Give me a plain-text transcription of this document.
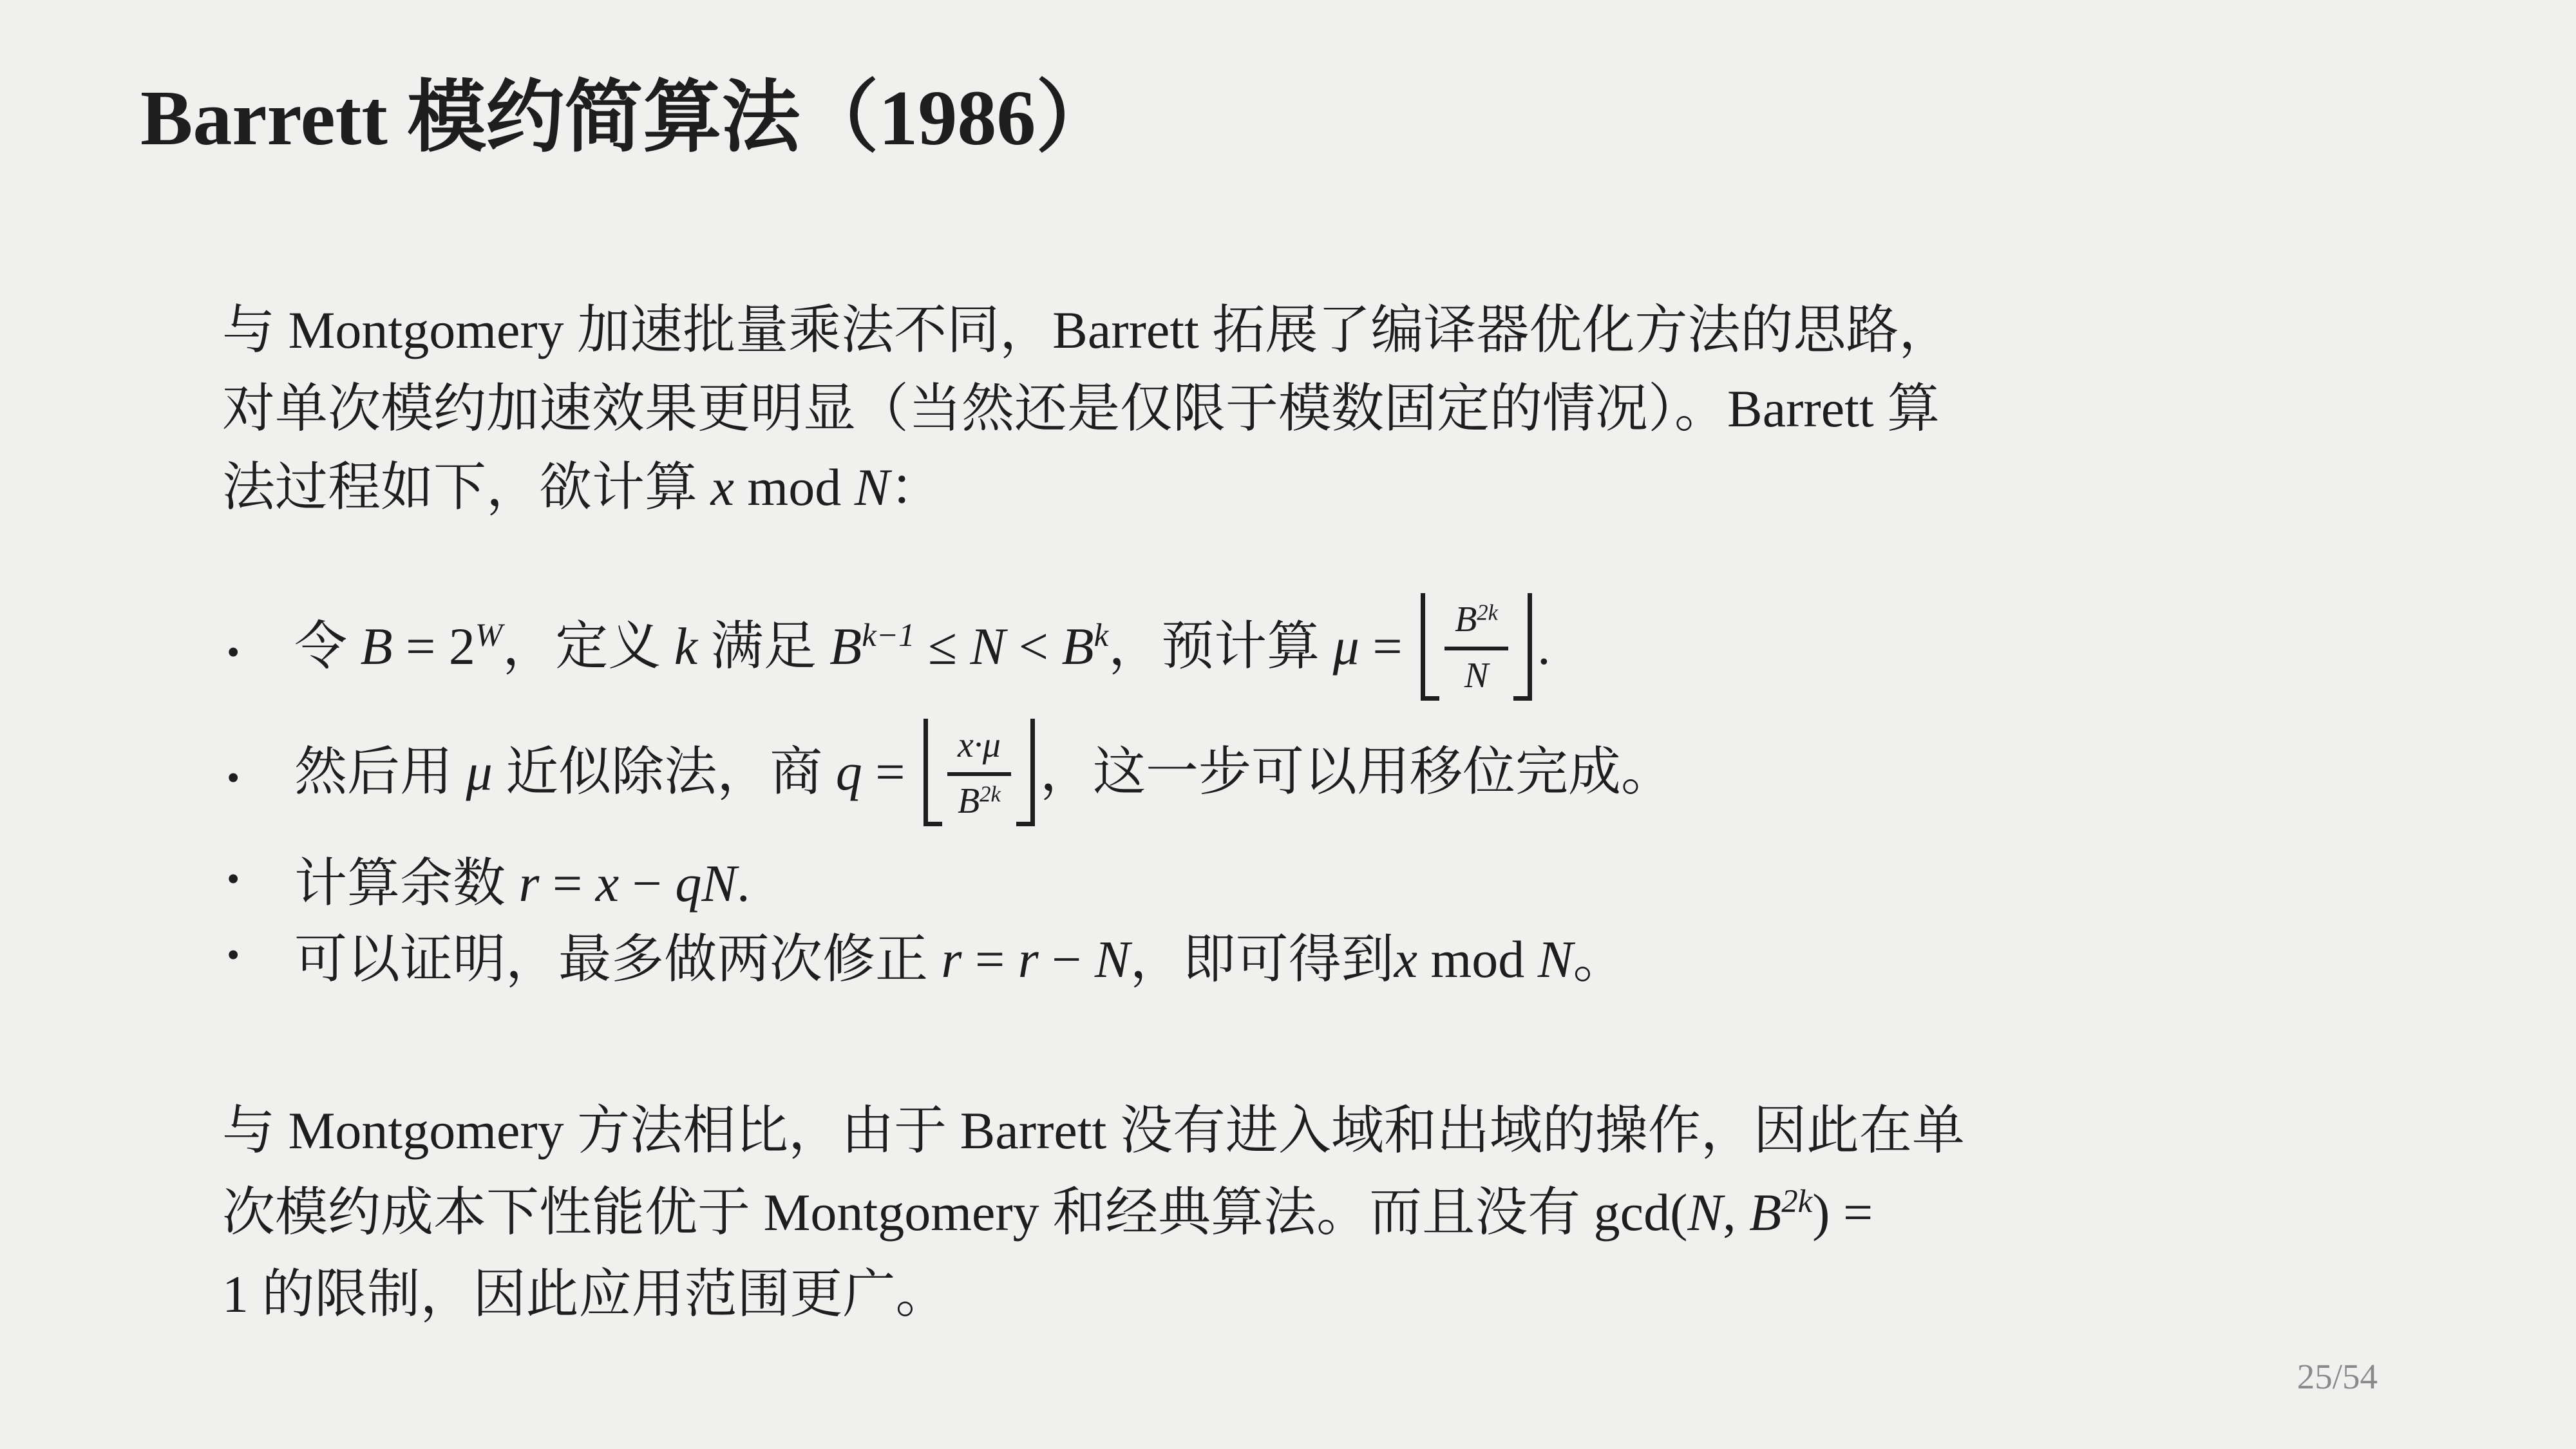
Barrett 模约简算法（1986）
与 Montgomery 加速批量乘法不同，Barrett 拓展了编译器优化方法的思路，
对单次模约加速效果更明显（当然还是仅限于模数固定的情况）。Barrett 算
法过程如下，欲计算 x mod N：
•	令 $B = 2^W$，定义 k 满足 $B^{k-1} \le N < B^k$，预计算 $\mu = \frac{B^{2k}}{N}$ .
•	然后用 μ 近似除法，商 $q = \frac{x\cdot\mu}{B^{2k}}$ ，这一步可以用移位完成。
•	计算余数 r = x − qN.
•	可以证明，最多做两次修正 r = r − N，即可得到x mod N。
与 Montgomery 方法相比，由于 Barrett 没有进入域和出域的操作，因此在单
次模约成本下性能优于 Montgomery 和经典算法。而且没有 gcd(N, $B^{2k}$) =
1 的限制，因此应用范围更广。
25/54
